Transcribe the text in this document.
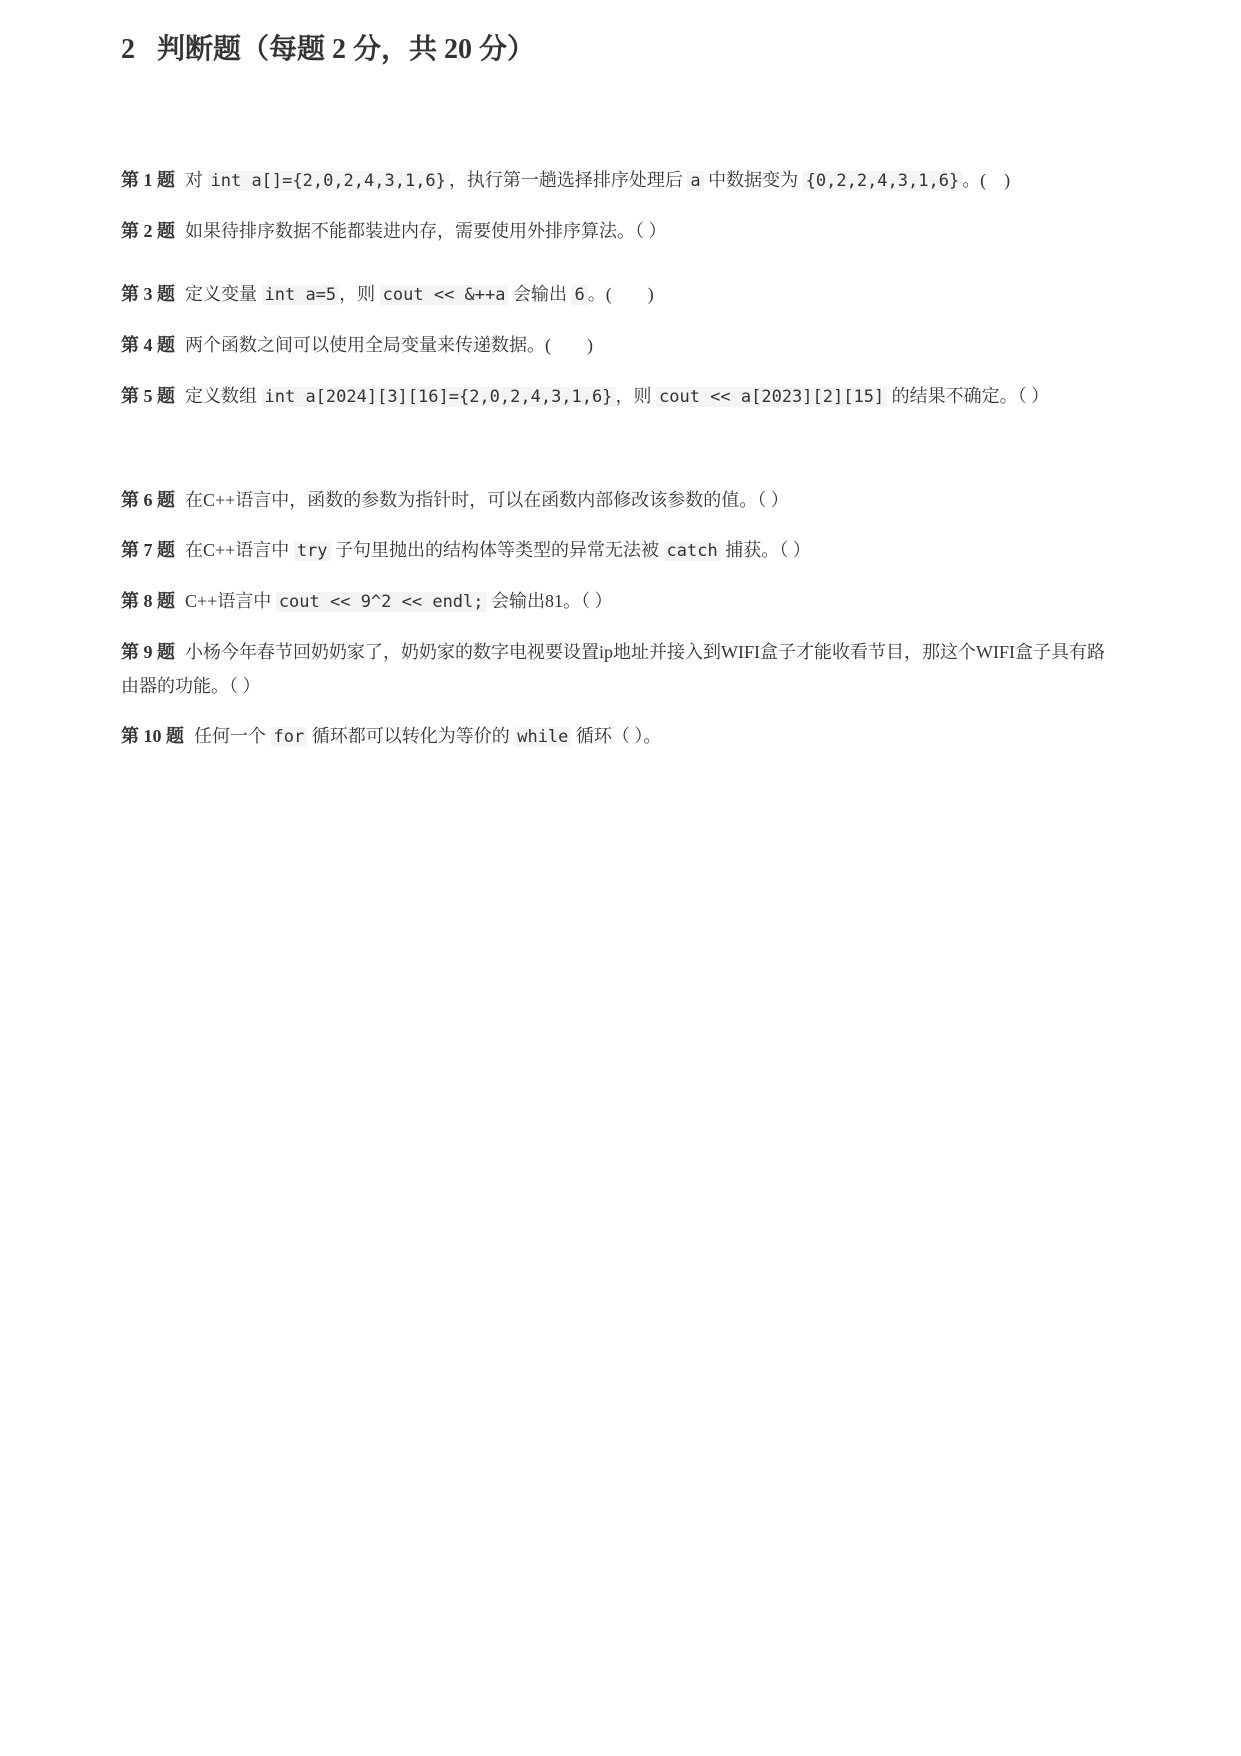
2 判断题（每题 2 分，共 20 分）
第 1 题 对 int a[]={2,0,2,4,3,1,6} ，执行第一趟选择排序处理后 a 中数据变为 {0,2,2,4,3,1,6} 。(　)
第 2 题 如果待排序数据不能都装进内存，需要使用外排序算法。（ ）
第 3 题 定义变量 int a=5 ，则 cout << &++a 会输出 6 。(　　)
第 4 题 两个函数之间可以使用全局变量来传递数据。(　　)
第 5 题 定义数组 int a[2024][3][16]={2,0,2,4,3,1,6} ，则 cout << a[2023][2][15] 的结果不确定。（ ）
第 6 题 在C++语言中，函数的参数为指针时，可以在函数内部修改该参数的值。（ ）
第 7 题 在C++语言中 try 子句里抛出的结构体等类型的异常无法被 catch 捕获。（ ）
第 8 题 C++语言中 cout << 9^2 << endl; 会输出81。（ ）
第 9 题 小杨今年春节回奶奶家了，奶奶家的数字电视要设置ip地址并接入到WIFI盒子才能收看节目，那这个WIFI盒子具有路由器的功能。（ ）
第 10 题 任何一个 for 循环都可以转化为等价的 while 循环（ ）。
